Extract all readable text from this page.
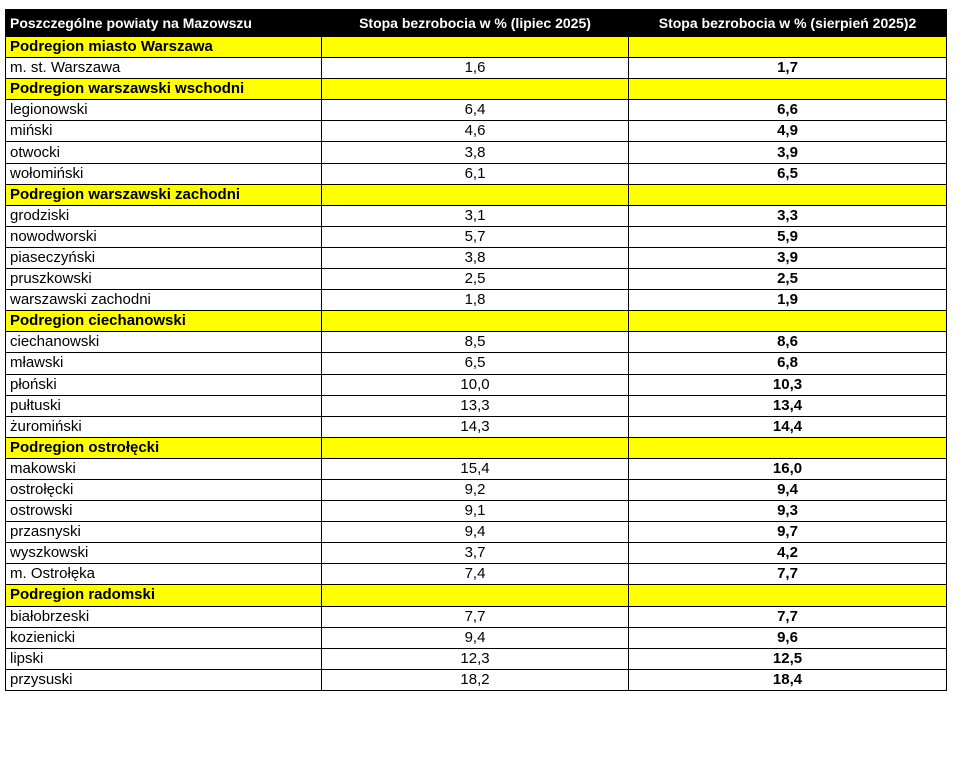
Poszczególne powiaty na Mazowszu	Stopa bezrobocia w % (lipiec 2025)	Stopa bezrobocia w % (sierpień 2025)2
Podregion miasto Warszawa		
m. st. Warszawa	1,6	1,7
Podregion warszawski wschodni		
legionowski	6,4	6,6
miński	4,6	4,9
otwocki	3,8	3,9
wołomiński	6,1	6,5
Podregion warszawski zachodni		
grodziski	3,1	3,3
nowodworski	5,7	5,9
piaseczyński	3,8	3,9
pruszkowski	2,5	2,5
warszawski zachodni	1,8	1,9
Podregion ciechanowski		
ciechanowski	8,5	8,6
mławski	6,5	6,8
płoński	10,0	10,3
pułtuski	13,3	13,4
żuromiński	14,3	14,4
Podregion ostrołęcki		
makowski	15,4	16,0
ostrołęcki	9,2	9,4
ostrowski	9,1	9,3
przasnyski	9,4	9,7
wyszkowski	3,7	4,2
m. Ostrołęka	7,4	7,7
Podregion radomski		
białobrzeski	7,7	7,7
kozienicki	9,4	9,6
lipski	12,3	12,5
przysuski	18,2	18,4
